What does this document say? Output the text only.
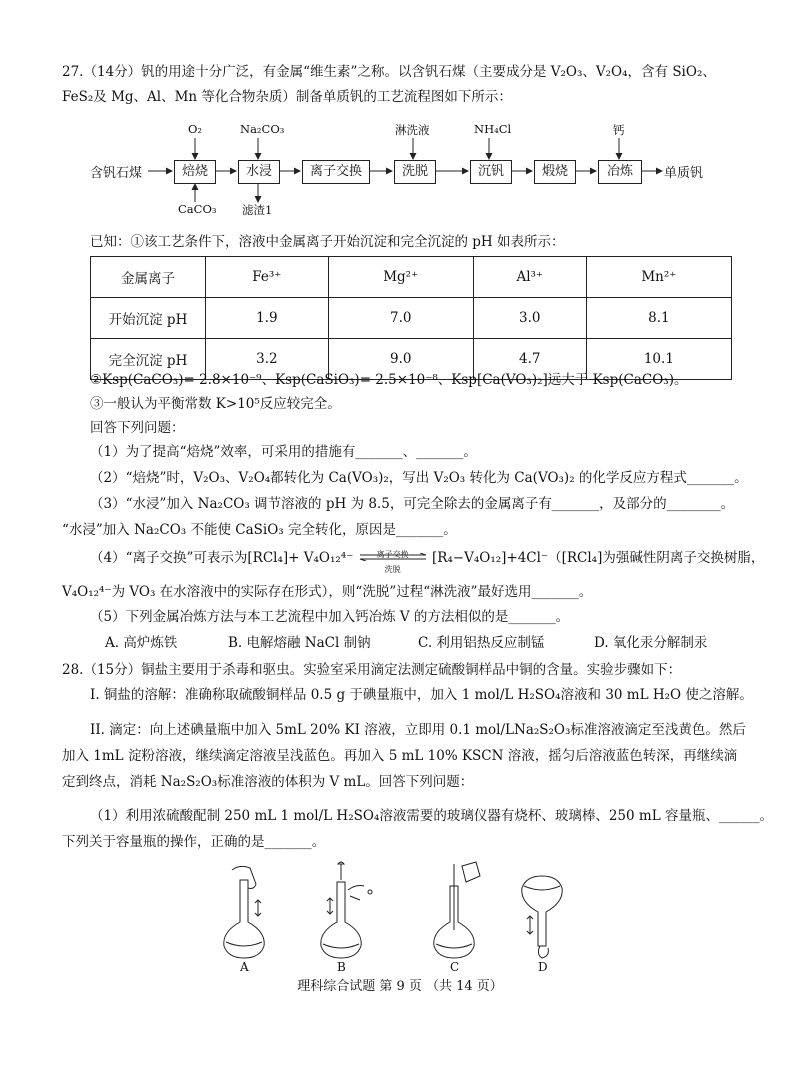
27.（14分）钒的用途十分广泛，有金属“维生素”之称。以含钒石煤（主要成分是 V₂O₃、V₂O₄，含有 SiO₂、
FeS₂及 Mg、Al、Mn 等化合物杂质）制备单质钒的工艺流程图如下所示：
含钒石煤	焙烧	水浸	离子交换	洗脱	沉钒	煅烧	冶炼	单质钒
O₂	Na₂CO₃	淋洗液	NH₄Cl	钙
CaCO₃ 滤渣1
已知：①该工艺条件下，溶液中金属离子开始沉淀和完全沉淀的 pH 如表所示：
金属离子	Fe³⁺	Mg²⁺	Al³⁺	Mn²⁺
开始沉淀 pH	1.9	7.0	3.0	8.1
完全沉淀 pH	3.2	9.0	4.7	10.1
②Ksp(CaCO₃)= 2.8×10⁻⁹、Ksp(CaSiO₃)= 2.5×10⁻⁸、Ksp[Ca(VO₃)₂]远大于 Ksp(CaCO₃)。
③一般认为平衡常数 K>10⁵反应较完全。
回答下列问题：
（1）为了提高“焙烧”效率，可采用的措施有_______、_______。
（2）“焙烧”时，V₂O₃、V₂O₄都转化为 Ca(VO₃)₂，写出 V₂O₃ 转化为 Ca(VO₃)₂ 的化学反应方程式_______。
（3）“水浸”加入 Na₂CO₃ 调节溶液的 pH 为 8.5，可完全除去的金属离子有_______，及部分的________。
“水浸”加入 Na₂CO₃ 不能使 CaSiO₃ 完全转化，原因是_______。
（4）“离子交换”可表示为[RCl₄]+ V₄O₁₂⁴⁻	离子交换
洗脱
[R₄−V₄O₁₂]+4Cl⁻（[RCl₄]为强碱性阴离子交换树脂，
V₄O₁₂⁴⁻为 VO₃ 在水溶液中的实际存在形式），则“洗脱”过程“淋洗液”最好选用_______。
（5）下列金属冶炼方法与本工艺流程中加入钙冶炼 V 的方法相似的是_______。
A. 高炉炼铁	B. 电解熔融 NaCl 制钠	C. 利用铝热反应制锰	D. 氧化汞分解制汞
28.（15分）铜盐主要用于杀毒和驱虫。实验室采用滴定法测定硫酸铜样品中铜的含量。实验步骤如下：
I. 铜盐的溶解：准确称取硫酸铜样品 0.5 g 于碘量瓶中，加入 1 mol/L H₂SO₄溶液和 30 mL H₂O 使之溶解。
II. 滴定：向上述碘量瓶中加入 5mL 20% KI 溶液，立即用 0.1 mol/LNa₂S₂O₃标准溶液滴定至浅黄色。然后
加入 1mL 淀粉溶液，继续滴定溶液呈浅蓝色。再加入 5 mL 10% KSCN 溶液，摇匀后溶液蓝色转深，再继续滴
定到终点，消耗 Na₂S₂O₃标准溶液的体积为 V mL。回答下列问题：
（1）利用浓硫酸配制 250 mL 1 mol/L H₂SO₄溶液需要的玻璃仪器有烧杯、玻璃棒、250 mL 容量瓶、______。
下列关于容量瓶的操作，正确的是_______。
A	B	C	D
理科综合试题 第 9 页 （共 14 页）
